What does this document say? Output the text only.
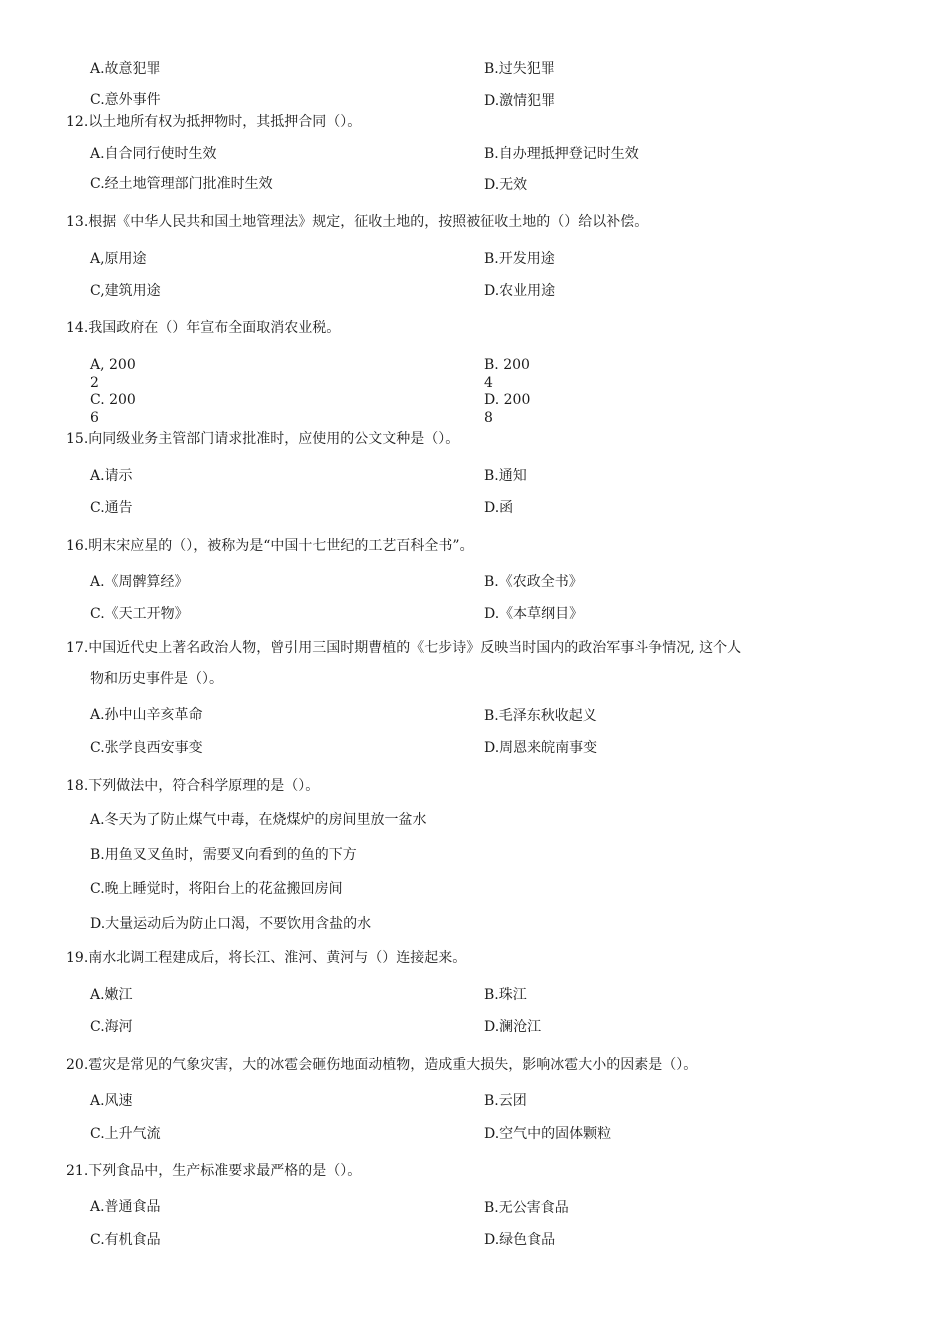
A.故意犯罪	B.过失犯罪
C.意外事件	D.激情犯罪
12.以土地所有权为抵押物时，其抵押合同（）。
A.自合同行使时生效	B.自办理抵押登记时生效
C.经土地管理部门批准时生效	D.无效
13.根据《中华人民共和国土地管理法》规定，征收土地的，按照被征收土地的（）给以补偿。
A,原用途	B.开发用途
C,建筑用途	D.农业用途
14.我国政府在（）年宣布全面取消农业税。
A, 200
2
B. 200
4
C. 200
6
D. 200
8
15.向同级业务主管部门请求批准时，应使用的公文文种是（）。
A.请示	B.通知
C.通告	D.函
16.明末宋应星的（），被称为是“中国十七世纪的工艺百科全书”。
A.《周髀算经》	B.《农政全书》
C.《天工开物》	D.《本草纲目》
17.中国近代史上著名政治人物，曾引用三国时期曹植的《七步诗》反映当时国内的政治军事斗争情况, 这个人
物和历史事件是（）。
A.孙中山辛亥革命	B.毛泽东秋收起义
C.张学良西安事变	D.周恩来皖南事变
18.下列做法中，符合科学原理的是（）。
A.冬天为了防止煤气中毒，在烧煤炉的房间里放一盆水
B.用鱼叉叉鱼时，需要叉向看到的鱼的下方
C.晚上睡觉时，将阳台上的花盆搬回房间
D.大量运动后为防止口渴，不要饮用含盐的水
19.南水北调工程建成后，将长江、淮河、黄河与（）连接起来。
A.嫩江	B.珠江
C.海河	D.澜沧江
20.雹灾是常见的气象灾害，大的冰雹会砸伤地面动植物，造成重大损失，影响冰雹大小的因素是（）。
A.风速	B.云团
C.上升气流	D.空气中的固体颗粒
21.下列食品中，生产标准要求最严格的是（）。
A.普通食品	B.无公害食品
C.有机食品	D.绿色食品
